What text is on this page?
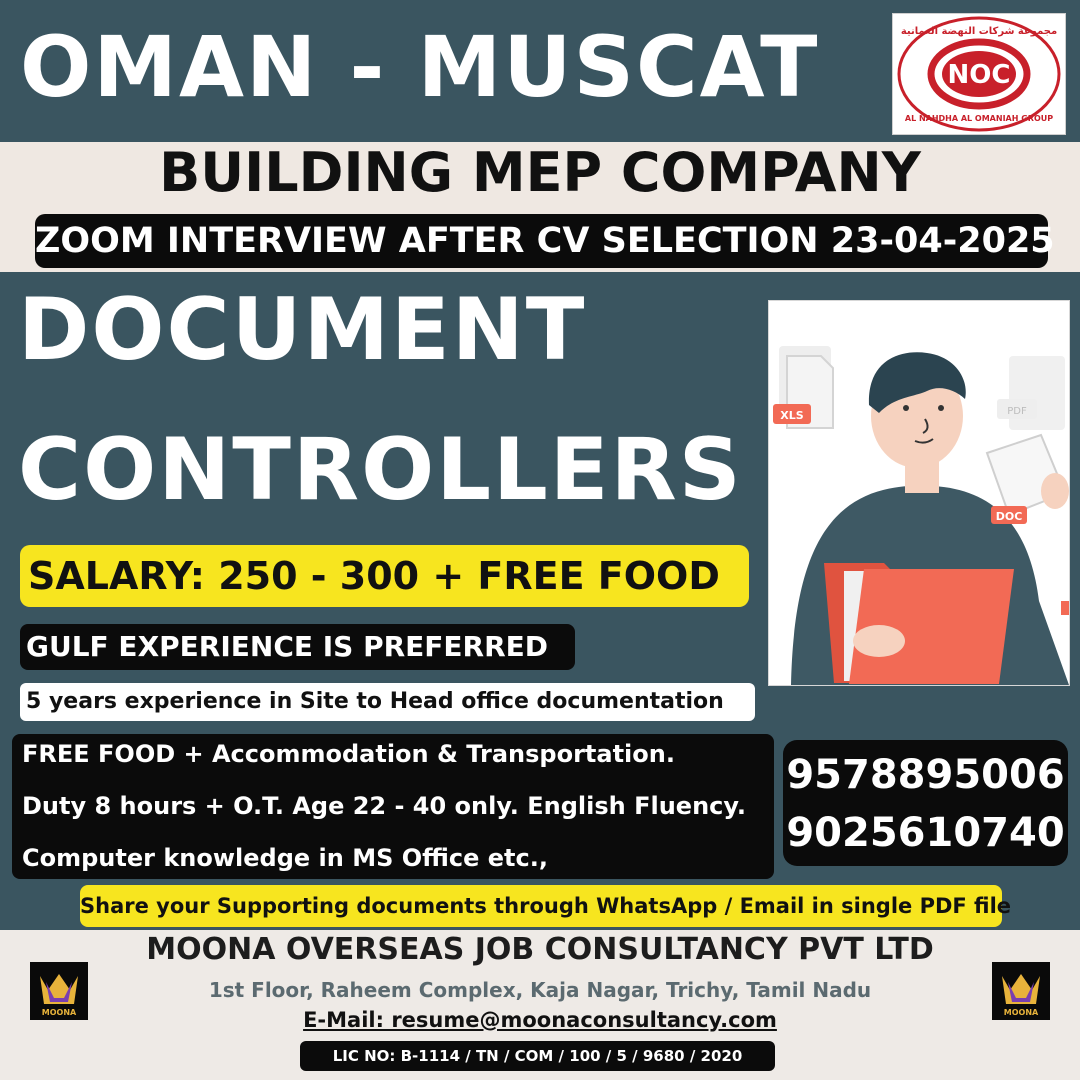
OMAN - MUSCAT	NOC
مجموعة شركات النهضة العمانية
AL NAHDHA AL OMANIAH GROUP
BUILDING MEP COMPANY
ZOOM INTERVIEW AFTER CV SELECTION 23-04-2025
DOCUMENT
CONTROLLERS
XLS	PDF
DOC
SALARY: 250 - 300 + FREE FOOD
GULF EXPERIENCE IS PREFERRED
5 years experience in Site to Head office documentation
FREE FOOD + Accommodation & Transportation.
Duty 8 hours + O.T. Age 22 - 40 only. English Fluency.
Computer knowledge in MS Office etc.,
9578895006
9025610740
Share your Supporting documents through WhatsApp / Email in single PDF file
MOONA	MOONA
MOONA OVERSEAS JOB CONSULTANCY PVT LTD
1st Floor, Raheem Complex, Kaja Nagar, Trichy, Tamil Nadu
E-Mail: resume@moonaconsultancy.com
LIC NO: B-1114 / TN / COM / 100 / 5 / 9680 / 2020
